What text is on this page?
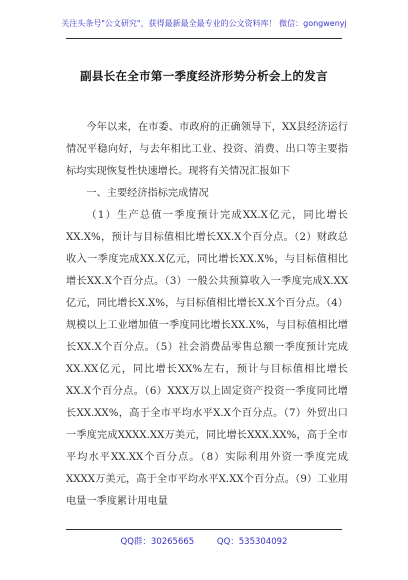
关注头条号"公文研究"，获得最新最全最专业的公文资料库！ 微信：gongwenyj
副县长在全市第一季度经济形势分析会上的发言

今年以来，在市委、市政府的正确领导下，XX县经济运行情况平稳向好，与去年相比工业、投资、消费、出口等主要指标均实现恢复性快速增长。现将有关情况汇报如下

一、主要经济指标完成情况

（1）生产总值一季度预计完成XX.X亿元，同比增长XX.X%，预计与目标值相比增长XX.X个百分点。（2）财政总收入一季度完成XX.X亿元，同比增长XX.X%，与目标值相比增长XX.X个百分点。（3）一般公共预算收入一季度完成X.XX亿元，同比增长X.X%，与目标值相比增长X.X个百分点。（4）规模以上工业增加值一季度同比增长XX.X%，与目标值相比增长XX.X个百分点。（5）社会消费品零售总额一季度预计完成XX.XX亿元，同比增长XX%左右，预计与目标值相比增长XX.X个百分点。（6）XXX万以上固定资产投资一季度同比增长XX.XX%，高于全市平均水平X.X个百分点。（7）外贸出口一季度完成XXXX.XX万美元，同比增长XXX.XX%，高于全市平均水平XX.XX个百分点。（8）实际利用外资一季度完成XXXX万美元，高于全市平均水平X.XX个百分点。（9）工业用电量一季度累计用电量

QQ群：30265665	QQ：535304092
